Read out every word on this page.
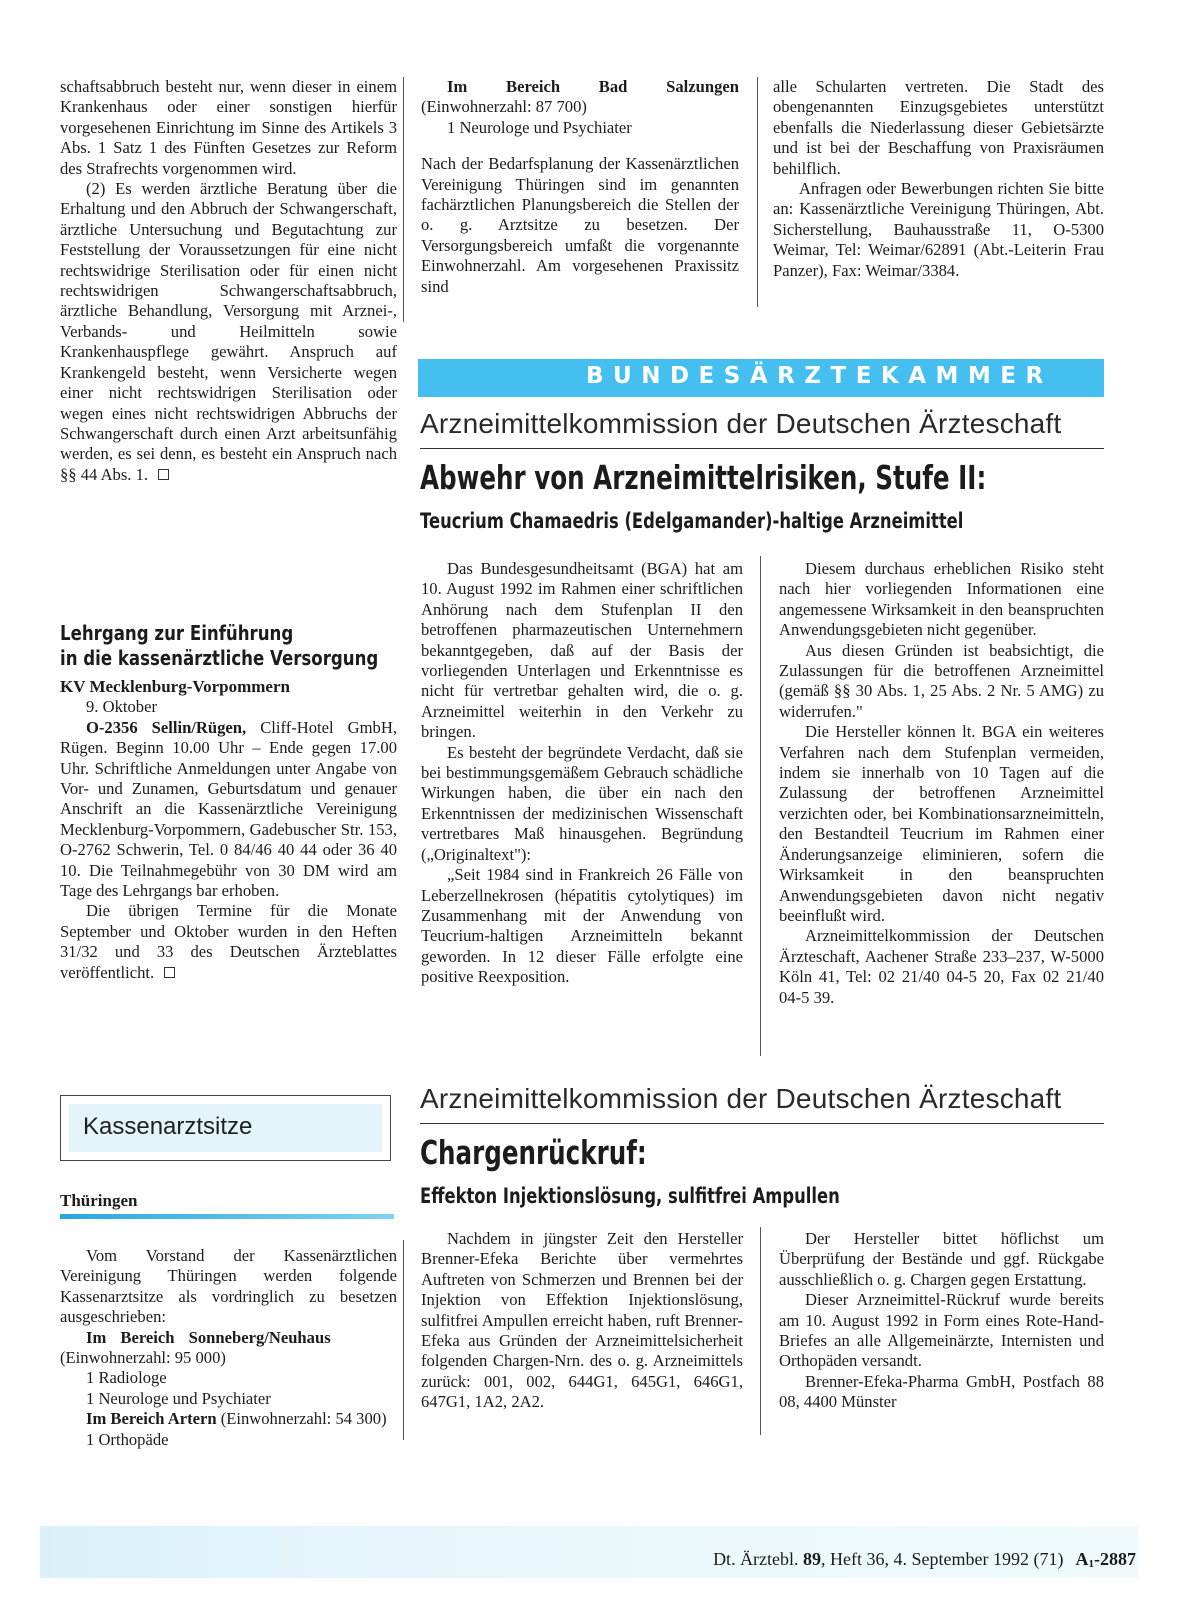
schaftsabbruch besteht nur, wenn dieser in einem Krankenhaus oder einer sonstigen hierfür vorgesehenen Einrichtung im Sinne des Artikels 3 Abs. 1 Satz 1 des Fünften Gesetzes zur Reform des Strafrechts vorgenommen wird.

(2) Es werden ärztliche Beratung über die Erhaltung und den Abbruch der Schwangerschaft, ärztliche Untersuchung und Begutachtung zur Feststellung der Voraussetzungen für eine nicht rechtswidrige Sterilisation oder für einen nicht rechtswidrigen Schwangerschaftsabbruch, ärztliche Behandlung, Versorgung mit Arznei-, Verbands- und Heilmitteln sowie Krankenhauspflege gewährt. Anspruch auf Krankengeld besteht, wenn Versicherte wegen einer nicht rechtswidrigen Sterilisation oder wegen eines nicht rechtswidrigen Abbruchs der Schwangerschaft durch einen Arzt arbeitsunfähig werden, es sei denn, es besteht ein Anspruch nach §§ 44 Abs. 1.

Lehrgang zur Einführung
in die kassenärztliche Versorgung

KV Mecklenburg-Vorpommern

9. Oktober

O-2356 Sellin/Rügen, Cliff-Hotel GmbH, Rügen. Beginn 10.00 Uhr – Ende gegen 17.00 Uhr. Schriftliche Anmeldungen unter Angabe von Vor- und Zunamen, Geburtsdatum und genauer Anschrift an die Kassenärztliche Vereinigung Mecklenburg-Vorpommern, Gadebuscher Str. 153, O-2762 Schwerin, Tel. 0 84/46 40 44 oder 36 40 10. Die Teilnahmegebühr von 30 DM wird am Tage des Lehrgangs bar erhoben.

Die übrigen Termine für die Monate September und Oktober wurden in den Heften 31/32 und 33 des Deutschen Ärzteblattes veröffentlicht.

Kassenarztsitze
Thüringen

Vom Vorstand der Kassenärztlichen Vereinigung Thüringen werden folgende Kassenarztsitze als vordringlich zu besetzen ausgeschrieben:

Im Bereich Sonneberg/Neuhaus

(Einwohnerzahl: 95 000)

1 Radiologe

1 Neurologe und Psychiater

Im Bereich Artern (Einwohnerzahl: 54 300)

1 Orthopäde

Im Bereich Bad Salzungen (Einwohnerzahl: 87 700)

1 Neurologe und Psychiater

Nach der Bedarfsplanung der Kassenärztlichen Vereinigung Thüringen sind im genannten fachärztlichen Planungsbereich die Stellen der o. g. Arztsitze zu besetzen. Der Versorgungsbereich umfaßt die vorgenannte Einwohnerzahl. Am vorgesehenen Praxissitz sind

alle Schularten vertreten. Die Stadt des obengenannten Einzugsgebietes unterstützt ebenfalls die Niederlassung dieser Gebietsärzte und ist bei der Beschaffung von Praxisräumen behilflich.

Anfragen oder Bewerbungen richten Sie bitte an: Kassenärztliche Vereinigung Thüringen, Abt. Sicherstellung, Bauhausstraße 11, O-5300 Weimar, Tel: Weimar/62891 (Abt.-Leiterin Frau Panzer), Fax: Weimar/3384.

BUNDESÄRZTEKAMMER
Arzneimittelkommission der Deutschen Ärzteschaft
Abwehr von Arzneimittelrisiken, Stufe II:
Teucrium Chamaedris (Edelgamander)-haltige Arzneimittel

Das Bundesgesundheitsamt (BGA) hat am 10. August 1992 im Rahmen einer schriftlichen Anhörung nach dem Stufenplan II den betroffenen pharmazeutischen Unternehmern bekanntgegeben, daß auf der Basis der vorliegenden Unterlagen und Erkenntnisse es nicht für vertretbar gehalten wird, die o. g. Arzneimittel weiterhin in den Verkehr zu bringen.

Es besteht der begründete Verdacht, daß sie bei bestimmungsgemäßem Gebrauch schädliche Wirkungen haben, die über ein nach den Erkenntnissen der medizinischen Wissenschaft vertretbares Maß hinausgehen. Begründung („Originaltext"):

„Seit 1984 sind in Frankreich 26 Fälle von Leberzellnekrosen (hépatitis cytolytiques) im Zusammenhang mit der Anwendung von Teucrium-haltigen Arzneimitteln bekannt geworden. In 12 dieser Fälle erfolgte eine positive Reexposition.

Diesem durchaus erheblichen Risiko steht nach hier vorliegenden Informationen eine angemessene Wirksamkeit in den beanspruchten Anwendungsgebieten nicht gegenüber.

Aus diesen Gründen ist beabsichtigt, die Zulassungen für die betroffenen Arzneimittel (gemäß §§ 30 Abs. 1, 25 Abs. 2 Nr. 5 AMG) zu widerrufen."

Die Hersteller können lt. BGA ein weiteres Verfahren nach dem Stufenplan vermeiden, indem sie innerhalb von 10 Tagen auf die Zulassung der betroffenen Arzneimittel verzichten oder, bei Kombinationsarzneimitteln, den Bestandteil Teucrium im Rahmen einer Änderungsanzeige eliminieren, sofern die Wirksamkeit in den beanspruchten Anwendungsgebieten davon nicht negativ beeinflußt wird.

Arzneimittelkommission der Deutschen Ärzteschaft, Aachener Straße 233–237, W-5000 Köln 41, Tel: 02 21/40 04-5 20, Fax 02 21/40 04-5 39.

Arzneimittelkommission der Deutschen Ärzteschaft
Chargenrückruf:
Effekton Injektionslösung, sulfitfrei Ampullen

Nachdem in jüngster Zeit den Hersteller Brenner-Efeka Berichte über vermehrtes Auftreten von Schmerzen und Brennen bei der Injektion von Effektion Injektionslösung, sulfitfrei Ampullen erreicht haben, ruft Brenner-Efeka aus Gründen der Arzneimittelsicherheit folgenden Chargen-Nrn. des o. g. Arzneimittels zurück: 001, 002, 644G1, 645G1, 646G1, 647G1, 1A2, 2A2.

Der Hersteller bittet höflichst um Überprüfung der Bestände und ggf. Rückgabe ausschließlich o. g. Chargen gegen Erstattung.

Dieser Arzneimittel-Rückruf wurde bereits am 10. August 1992 in Form eines Rote-Hand-Briefes an alle Allgemeinärzte, Internisten und Orthopäden versandt.

Brenner-Efeka-Pharma GmbH, Postfach 88 08, 4400 Münster

Dt. Ärztebl. 89, Heft 36, 4. September 1992 (71) A1-2887
